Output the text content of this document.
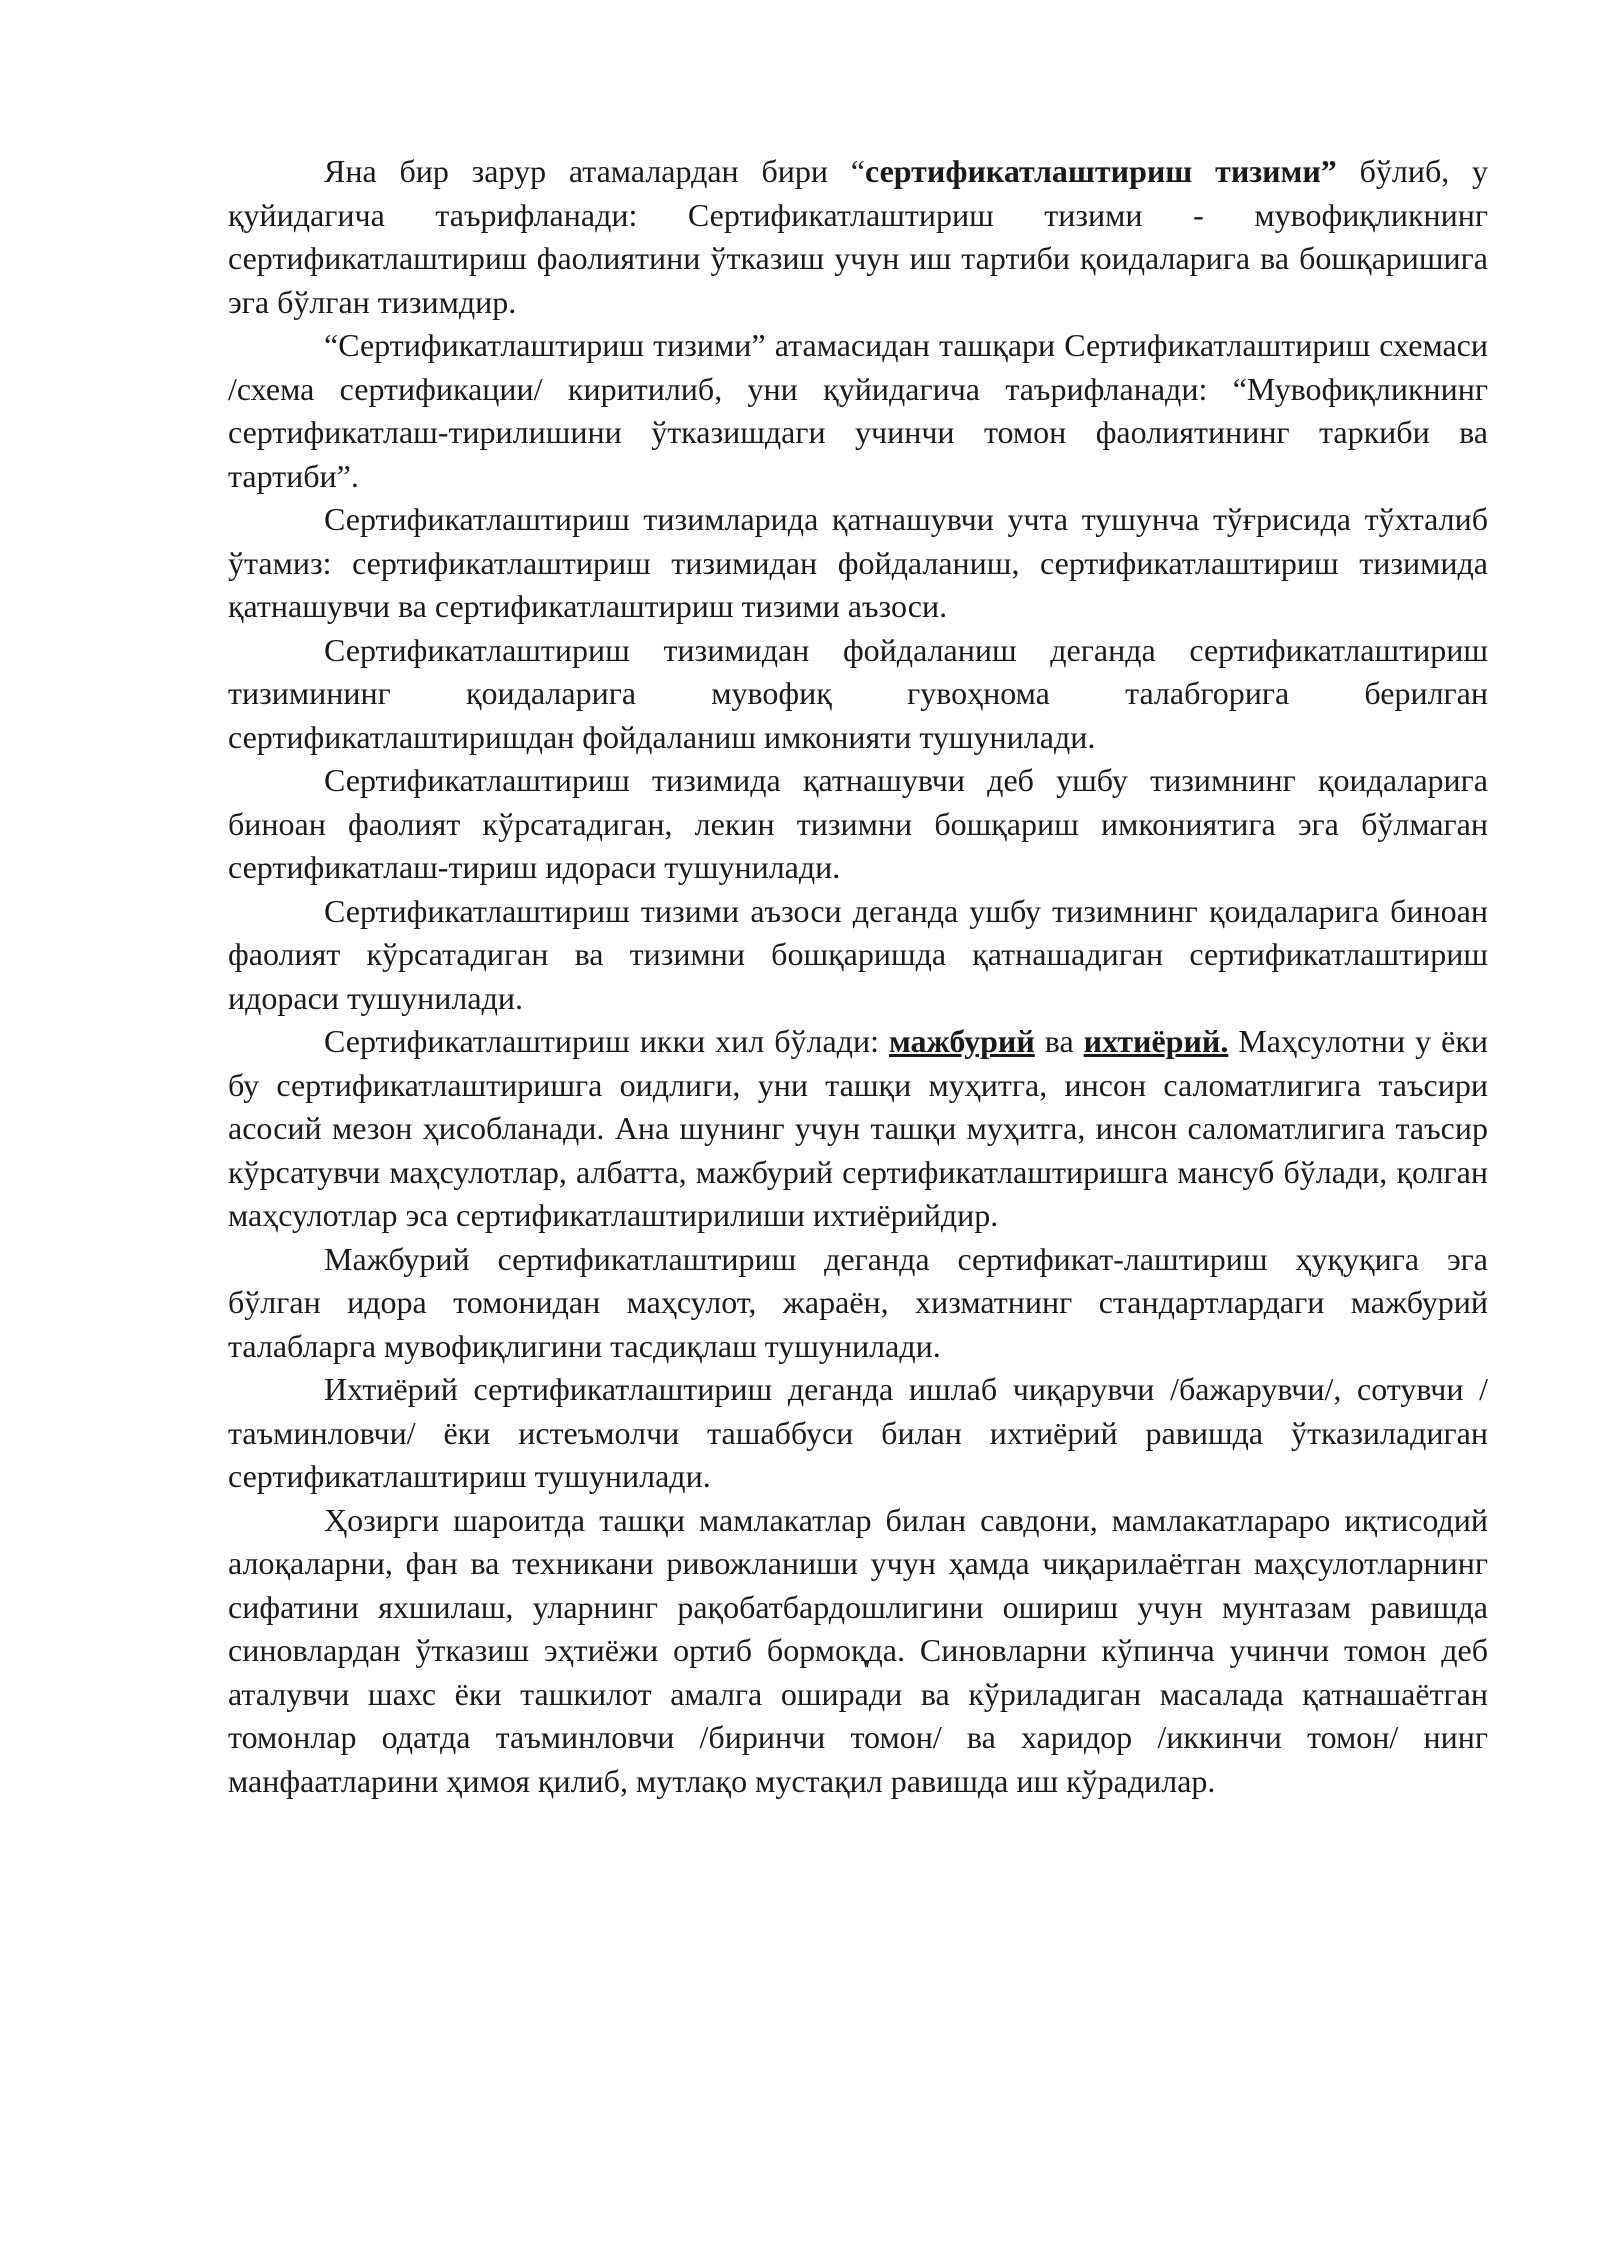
Яна бир зарур атамалардан бири “сертификатлаштириш тизими” бўлиб, у қуйидагича таърифланади: Сертификатлаштириш тизими - мувофиқликнинг сертификатлаштириш фаолиятини ўтказиш учун иш тартиби қоидаларига ва бошқаришига эга бўлган тизимдир.

“Сертификатлаштириш тизими” атамасидан ташқари Сертификатлаштириш схемаси /схема сертификации/ киритилиб, уни қуйидагича таърифланади: “Мувофиқликнинг сертификатлаш-тирилишини ўтказишдаги учинчи томон фаолиятининг таркиби ва тартиби”.

Сертификатлаштириш тизимларида қатнашувчи учта тушунча тўғрисида тўхталиб ўтамиз: сертификатлаштириш тизимидан фойдаланиш, сертификатлаштириш тизимида қатнашувчи ва сертификатлаштириш тизими аъзоси.

Сертификатлаштириш тизимидан фойдаланиш деганда сертификатлаштириш тизимининг қоидаларига мувофиқ гувоҳнома талабгорига берилган сертификатлаштиришдан фойдаланиш имконияти тушунилади.

Сертификатлаштириш тизимида қатнашувчи деб ушбу тизимнинг қоидаларига биноан фаолият кўрсатадиган, лекин тизимни бошқариш имкониятига эга бўлмаган сертификатлаш-тириш идораси тушунилади.

Сертификатлаштириш тизими аъзоси деганда ушбу тизимнинг қоидаларига биноан фаолият кўрсатадиган ва тизимни бошқаришда қатнашадиган сертификатлаштириш идораси тушунилади.

Сертификатлаштириш икки хил бўлади: мажбурий ва ихтиёрий. Маҳсулотни у ёки бу сертификатлаштиришга оидлиги, уни ташқи муҳитга, инсон саломатлигига таъсири асосий мезон ҳисобланади. Ана шунинг учун ташқи муҳитга, инсон саломатлигига таъсир кўрсатувчи маҳсулотлар, албатта, мажбурий сертификатлаштиришга мансуб бўлади, қолган маҳсулотлар эса сертификатлаштирилиши ихтиёрийдир.

Мажбурий сертификатлаштириш деганда сертификат-лаштириш ҳуқуқига эга бўлган идора томонидан маҳсулот, жараён, хизматнинг стандартлардаги мажбурий талабларга мувофиқлигини тасдиқлаш тушунилади.

Ихтиёрий сертификатлаштириш деганда ишлаб чиқарувчи /бажарувчи/, сотувчи /таъминловчи/ ёки истеъмолчи ташаббуси билан ихтиёрий равишда ўтказиладиган сертификатлаштириш тушунилади.

Ҳозирги шароитда ташқи мамлакатлар билан савдони, мамлакатлараро иқтисодий алоқаларни, фан ва техникани ривожланиши учун ҳамда чиқарилаётган маҳсулотларнинг сифатини яхшилаш, уларнинг рақобатбардошлигини ошириш учун мунтазам равишда синовлардан ўтказиш эҳтиёжи ортиб бормоқда. Синовларни кўпинча учинчи томон деб аталувчи шахс ёки ташкилот амалга оширади ва кўриладиган масалада қатнашаётган томонлар одатда таъминловчи /биринчи томон/ ва харидор /иккинчи томон/ нинг манфаатларини ҳимоя қилиб, мутлақо мустақил равишда иш кўрадилар.
